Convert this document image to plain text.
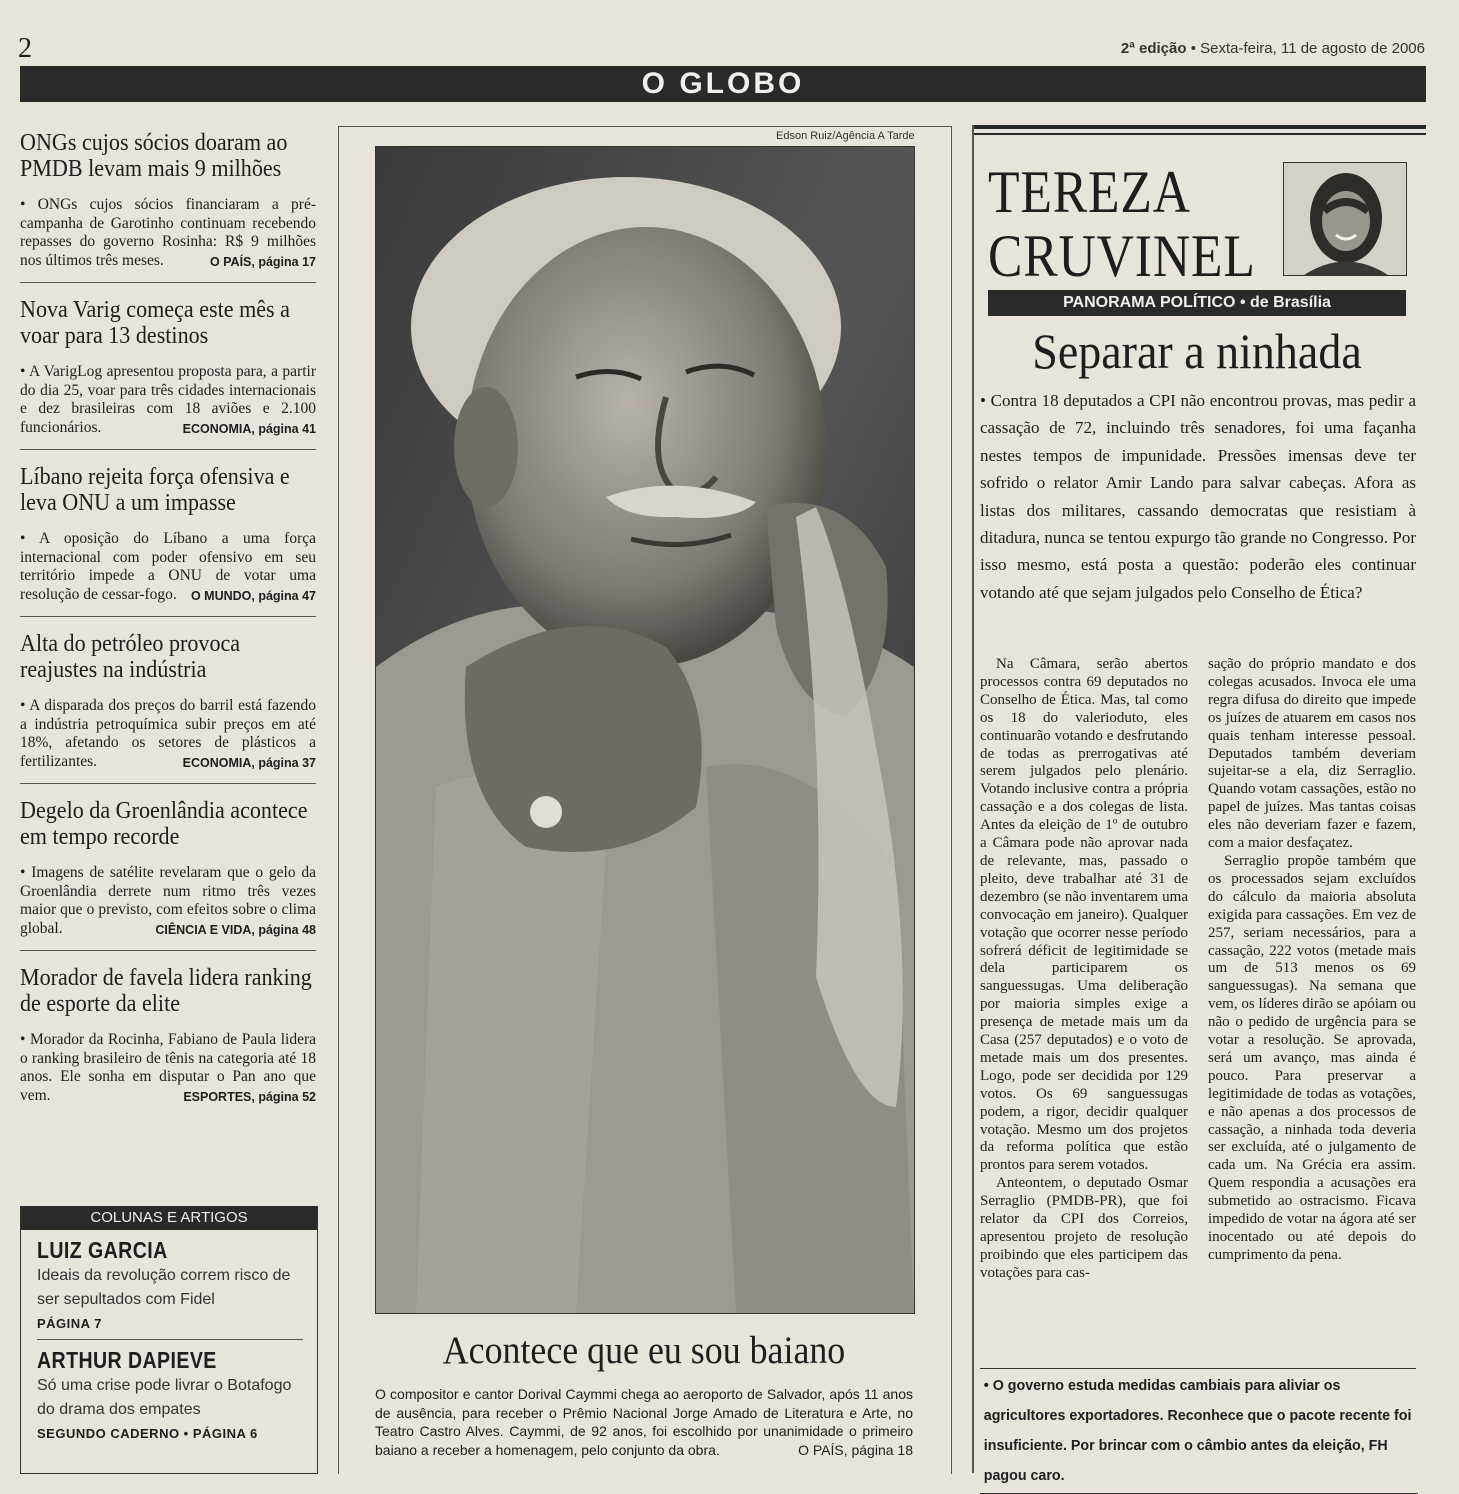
2	2ª edição • Sexta-feira, 11 de agosto de 2006
O GLOBO
ONGs cujos sócios doaram ao PMDB levam mais 9 milhões

• ONGs cujos sócios financiaram a pré-campanha de Garotinho continuam recebendo repasses do governo Rosinha: R$ 9 milhões nos últimos três meses.	O PAÍS, página 17

Nova Varig começa este mês a voar para 13 destinos

• A VarigLog apresentou proposta para, a partir do dia 25, voar para três cidades internacionais e dez brasileiras com 18 aviões e 2.100 funcionários.	ECONOMIA, página 41

Líbano rejeita força ofensiva e leva ONU a um impasse

• A oposição do Líbano a uma força internacional com poder ofensivo em seu território impede a ONU de votar uma resolução de cessar-fogo. O MUNDO, página 47

Alta do petróleo provoca reajustes na indústria

• A disparada dos preços do barril está fazendo a indústria petroquímica subir preços em até 18%, afetando os setores de plásticos a fertilizantes.	ECONOMIA, página 37

Degelo da Groenlândia acontece em tempo recorde

• Imagens de satélite revelaram que o gelo da Groenlândia derrete num ritmo três vezes maior que o previsto, com efeitos sobre o clima global.	CIÊNCIA E VIDA, página 48

Morador de favela lidera ranking de esporte da elite

• Morador da Rocinha, Fabiano de Paula lidera o ranking brasileiro de tênis na categoria até 18 anos. Ele sonha em disputar o Pan ano que vem.	ESPORTES, página 52

COLUNAS E ARTIGOS
LUIZ GARCIA
Ideais da revolução correm risco de ser sepultados com Fidel
PÁGINA 7
ARTHUR DAPIEVE
Só uma crise pode livrar o Botafogo do drama dos empates
SEGUNDO CADERNO • PÁGINA 6
Edson Ruiz/Agência A Tarde
Acontece que eu sou baiano
O compositor e cantor Dorival Caymmi chega ao aeroporto de Salvador, após 11 anos de ausência, para receber o Prêmio Nacional Jorge Amado de Literatura e Arte, no Teatro Castro Alves. Caymmi, de 92 anos, foi escolhido por unanimidade o primeiro baiano a receber a homenagem, pelo conjunto da obra.	O PAÍS, página 18
TEREZA
CRUVINEL
PANORAMA POLÍTICO • de Brasília
Separar a ninhada
• Contra 18 deputados a CPI não encontrou provas, mas pedir a cassação de 72, incluindo três senadores, foi uma façanha nestes tempos de impunidade. Pressões imensas deve ter sofrido o relator Amir Lando para salvar cabeças. Afora as listas dos militares, cassando democratas que resistiam à ditadura, nunca se tentou expurgo tão grande no Congresso. Por isso mesmo, está posta a questão: poderão eles continuar votando até que sejam julgados pelo Conselho de Ética?

Na Câmara, serão abertos processos contra 69 deputados no Conselho de Ética. Mas, tal como os 18 do valerioduto, eles continuarão votando e desfrutando de todas as prerrogativas até serem julgados pelo plenário. Votando inclusive contra a própria cassação e a dos colegas de lista. Antes da eleição de 1º de outubro a Câmara pode não aprovar nada de relevante, mas, passado o pleito, deve trabalhar até 31 de dezembro (se não inventarem uma convocação em janeiro). Qualquer votação que ocorrer nesse período sofrerá déficit de legitimidade se dela participarem os sanguessugas. Uma deliberação por maioria simples exige a presença de metade mais um da Casa (257 deputados) e o voto de metade mais um dos presentes. Logo, pode ser decidida por 129 votos. Os 69 sanguessugas podem, a rigor, decidir qualquer votação. Mesmo um dos projetos da reforma política que estão prontos para serem votados.

Anteontem, o deputado Osmar Serraglio (PMDB-PR), que foi relator da CPI dos Correios, apresentou projeto de resolução proibindo que eles participem das votações para cas-

sação do próprio mandato e dos colegas acusados. Invoca ele uma regra difusa do direito que impede os juízes de atuarem em casos nos quais tenham interesse pessoal. Deputados também deveriam sujeitar-se a ela, diz Serraglio. Quando votam cassações, estão no papel de juízes. Mas tantas coisas eles não deveriam fazer e fazem, com a maior desfaçatez.

Serraglio propõe também que os processados sejam excluídos do cálculo da maioria absoluta exigida para cassações. Em vez de 257, seriam necessários, para a cassação, 222 votos (metade mais um de 513 menos os 69 sanguessugas). Na semana que vem, os líderes dirão se apóiam ou não o pedido de urgência para se votar a resolução. Se aprovada, será um avanço, mas ainda é pouco. Para preservar a legitimidade de todas as votações, e não apenas a dos processos de cassação, a ninhada toda deveria ser excluída, até o julgamento de cada um. Na Grécia era assim. Quem respondia a acusações era submetido ao ostracismo. Ficava impedido de votar na ágora até ser inocentado ou até depois do cumprimento da pena.

• O governo estuda medidas cambiais para aliviar os agricultores exportadores. Reconhece que o pacote recente foi insuficiente. Por brincar com o câmbio antes da eleição, FH pagou caro.
